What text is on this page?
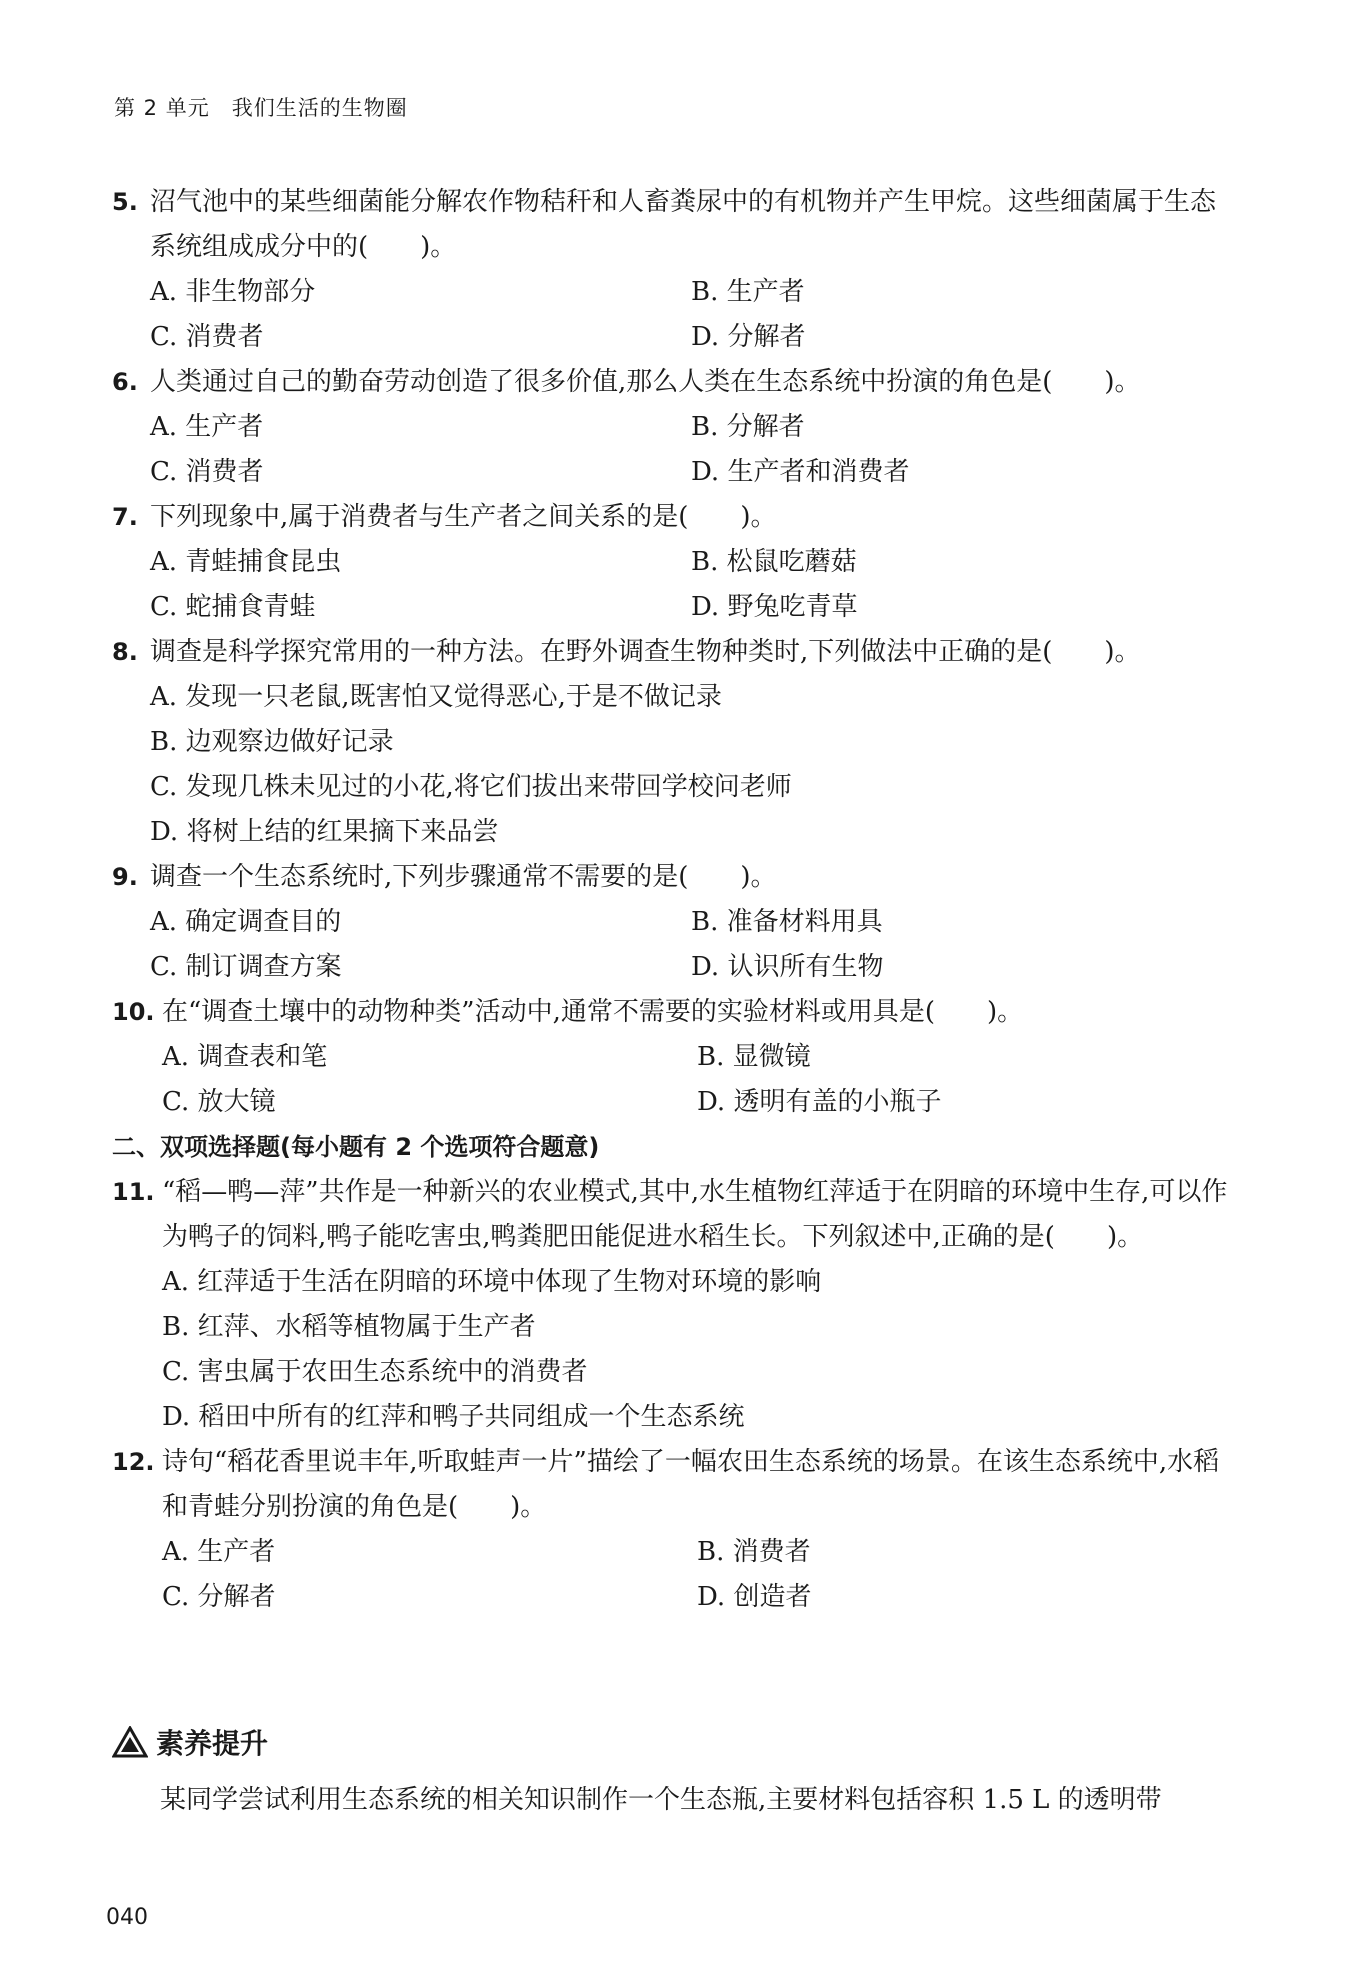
第 2 单元　我们生活的生物圈
5. 沼气池中的某些细菌能分解农作物秸秆和人畜粪尿中的有机物并产生甲烷。这些细菌属于生态系统组成成分中的(　　)。
A. 非生物部分	B. 生产者
C. 消费者	D. 分解者
6. 人类通过自己的勤奋劳动创造了很多价值,那么人类在生态系统中扮演的角色是(　　)。
A. 生产者	B. 分解者
C. 消费者	D. 生产者和消费者
7. 下列现象中,属于消费者与生产者之间关系的是(　　)。
A. 青蛙捕食昆虫	B. 松鼠吃蘑菇
C. 蛇捕食青蛙	D. 野兔吃青草
8. 调查是科学探究常用的一种方法。在野外调查生物种类时,下列做法中正确的是(　　)。
A. 发现一只老鼠,既害怕又觉得恶心,于是不做记录
B. 边观察边做好记录
C. 发现几株未见过的小花,将它们拔出来带回学校问老师
D. 将树上结的红果摘下来品尝
9. 调查一个生态系统时,下列步骤通常不需要的是(　　)。
A. 确定调查目的	B. 准备材料用具
C. 制订调查方案	D. 认识所有生物
10. 在“调查土壤中的动物种类”活动中,通常不需要的实验材料或用具是(　　)。
A. 调查表和笔	B. 显微镜
C. 放大镜	D. 透明有盖的小瓶子
二、双项选择题(每小题有 2 个选项符合题意)
11. “稻—鸭—萍”共作是一种新兴的农业模式,其中,水生植物红萍适于在阴暗的环境中生存,可以作为鸭子的饲料,鸭子能吃害虫,鸭粪肥田能促进水稻生长。下列叙述中,正确的是(　　)。
A. 红萍适于生活在阴暗的环境中体现了生物对环境的影响
B. 红萍、水稻等植物属于生产者
C. 害虫属于农田生态系统中的消费者
D. 稻田中所有的红萍和鸭子共同组成一个生态系统
12. 诗句“稻花香里说丰年,听取蛙声一片”描绘了一幅农田生态系统的场景。在该生态系统中,水稻和青蛙分别扮演的角色是(　　)。
A. 生产者	B. 消费者
C. 分解者	D. 创造者
素养提升
某同学尝试利用生态系统的相关知识制作一个生态瓶,主要材料包括容积 1.5 L 的透明带
040
